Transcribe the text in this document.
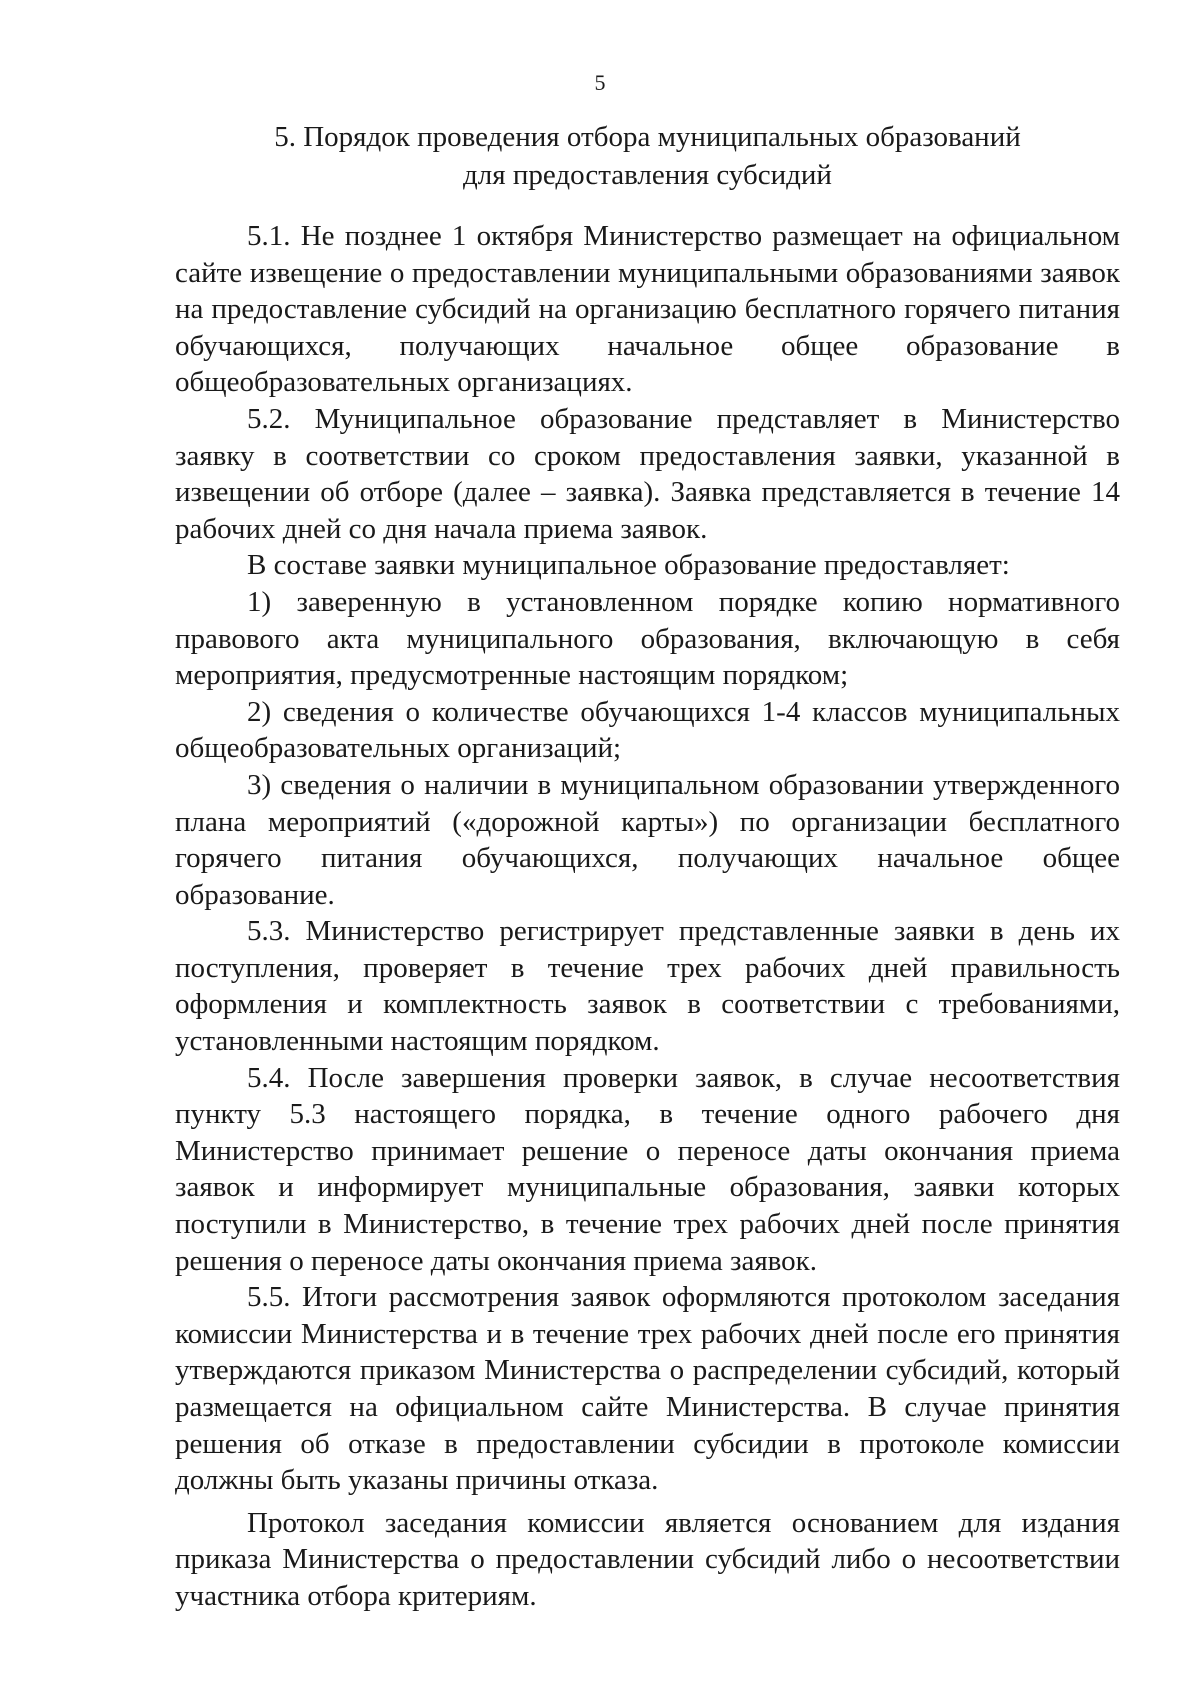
5

5. Порядок проведения отбора муниципальных образований
для предоставления субсидий

5.1. Не позднее 1 октября Министерство размещает на официальном сайте извещение о предоставлении муниципальными образованиями заявок на предоставление субсидий на организацию бесплатного горячего питания обучающихся, получающих начальное общее образование в общеобразовательных организациях.

5.2. Муниципальное образование представляет в Министерство заявку в соответствии со сроком предоставления заявки, указанной в извещении об отборе (далее – заявка). Заявка представляется в течение 14 рабочих дней со дня начала приема заявок.

В составе заявки муниципальное образование предоставляет:

1) заверенную в установленном порядке копию нормативного правового акта муниципального образования, включающую в себя мероприятия, предусмотренные настоящим порядком;

2) сведения о количестве обучающихся 1-4 классов муниципальных общеобразовательных организаций;

3) сведения о наличии в муниципальном образовании утвержденного плана мероприятий («дорожной карты») по организации бесплатного горячего питания обучающихся, получающих начальное общее образование.

5.3. Министерство регистрирует представленные заявки в день их поступления, проверяет в течение трех рабочих дней правильность оформления и комплектность заявок в соответствии с требованиями, установленными настоящим порядком.

5.4. После завершения проверки заявок, в случае несоответствия пункту 5.3 настоящего порядка, в течение одного рабочего дня Министерство принимает решение о переносе даты окончания приема заявок и информирует муниципальные образования, заявки которых поступили в Министерство, в течение трех рабочих дней после принятия решения о переносе даты окончания приема заявок.

5.5. Итоги рассмотрения заявок оформляются протоколом заседания комиссии Министерства и в течение трех рабочих дней после его принятия утверждаются приказом Министерства о распределении субсидий, который размещается на официальном сайте Министерства. В случае принятия решения об отказе в предоставлении субсидии в протоколе комиссии должны быть указаны причины отказа.

Протокол заседания комиссии является основанием для издания приказа Министерства о предоставлении субсидий либо о несоответствии участника отбора критериям.
